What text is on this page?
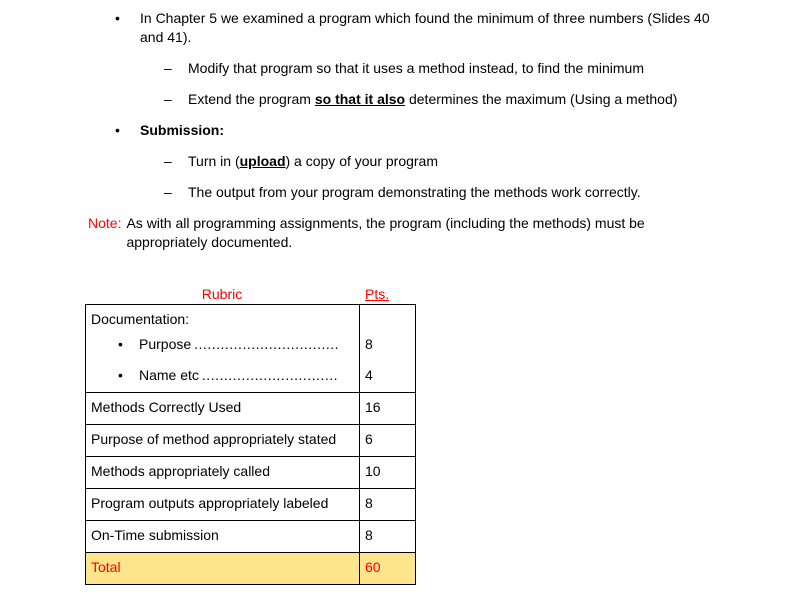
•	In Chapter 5 we examined a program which found the minimum of three numbers (Slides 40 and 41).
–	Modify that program so that it uses a method instead, to find the minimum
–	Extend the program so that it also determines the maximum (Using a method)
•	Submission:
–	Turn in (upload) a copy of your program
–	The output from your program demonstrating the methods work correctly.
Note: As with all programming assignments, the program (including the methods) must be appropriately documented.
Rubric	Pts.
Documentation:	

• Purpose .................................	8

• Name etc ...............................	4
Methods Correctly Used	16
Purpose of method appropriately stated	6
Methods appropriately called	10
Program outputs appropriately labeled	8
On-Time submission	8
Total	60
